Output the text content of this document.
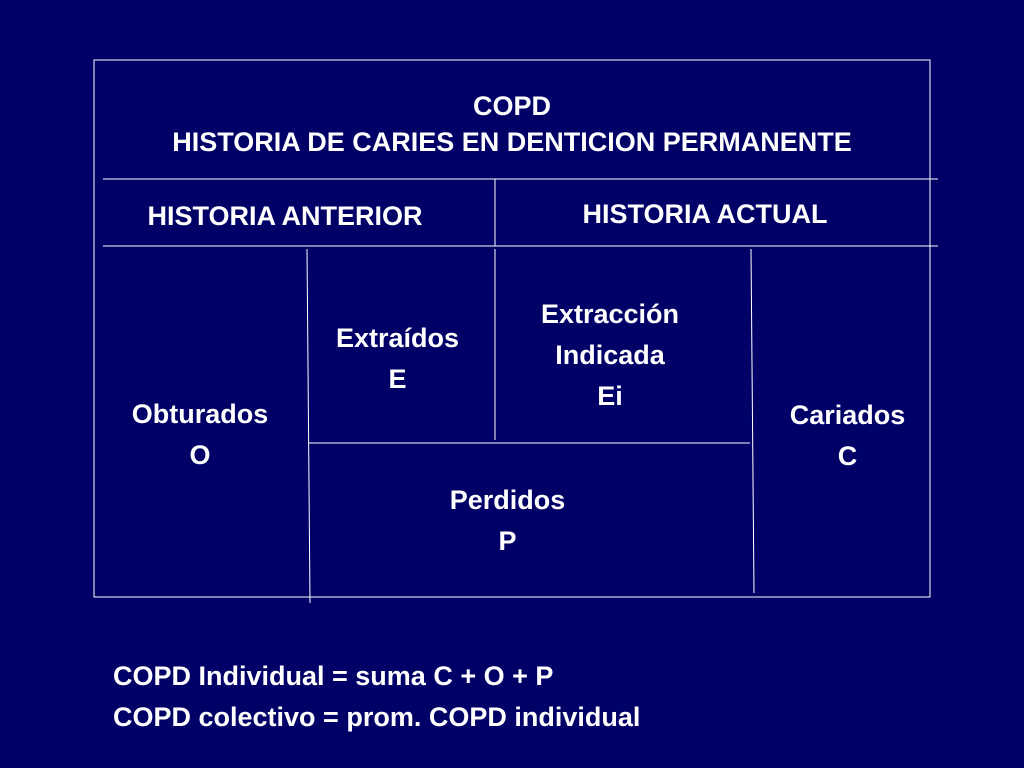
COPD
HISTORIA DE CARIES EN DENTICION PERMANENTE
HISTORIA ANTERIOR	HISTORIA ACTUAL
Obturados
O
Extraídos
E
Extracción
Indicada
Ei
Cariados
C
Perdidos
P
COPD Individual = suma C + O + P
COPD colectivo = prom. COPD individual
